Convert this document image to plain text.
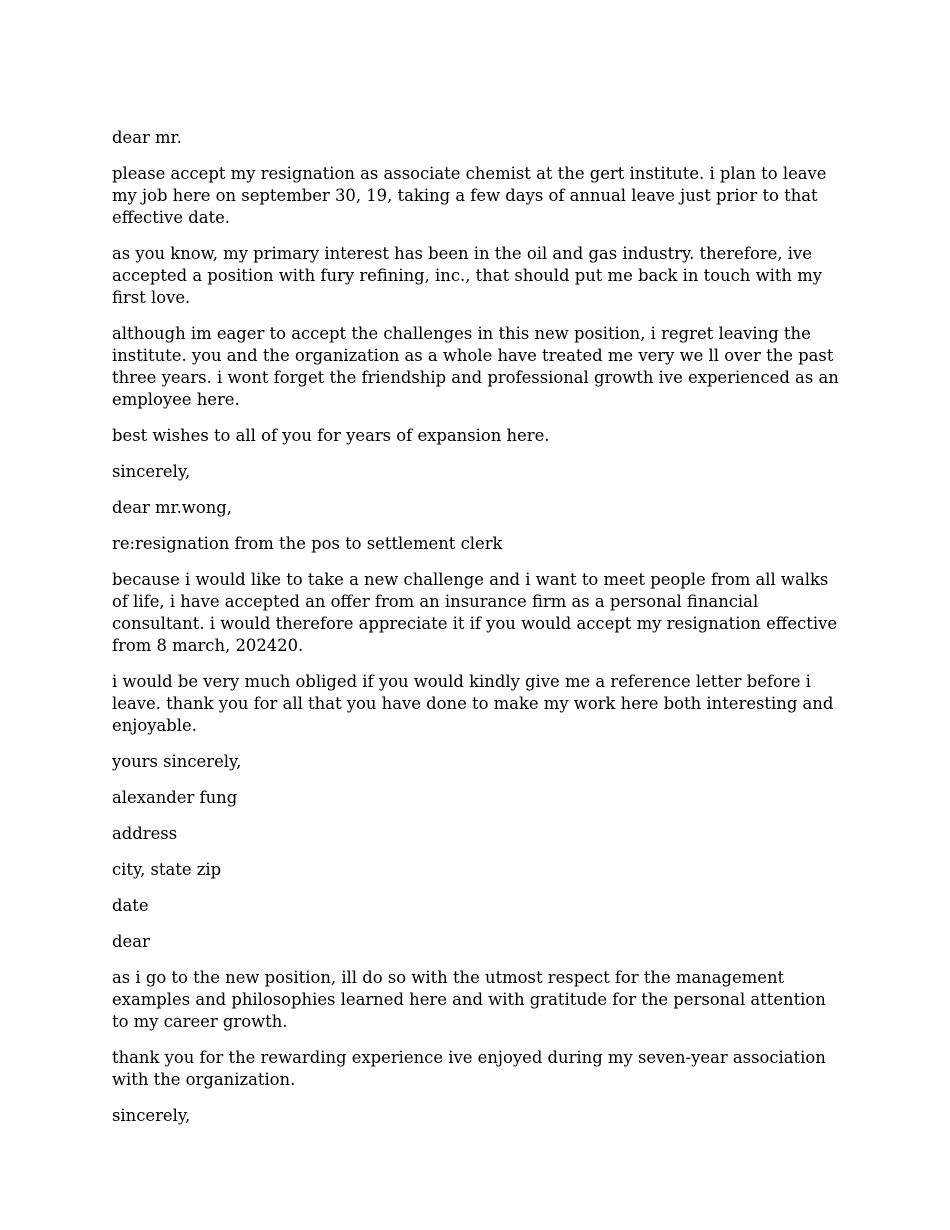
dear mr.

please accept my resignation as associate chemist at the gert institute. i plan to leave my job here on september 30, 19, taking a few days of annual leave just prior to that effective date.

as you know, my primary interest has been in the oil and gas industry. therefore, ive accepted a position with fury refining, inc., that should put me back in touch with my first love.

although im eager to accept the challenges in this new position, i regret leaving the institute. you and the organization as a whole have treated me very we ll over the past three years. i wont forget the friendship and professional growth ive experienced as an employee here.

best wishes to all of you for years of expansion here.

sincerely,

dear mr.wong,

re:resignation from the pos to settlement clerk

because i would like to take a new challenge and i want to meet people from all walks of life, i have accepted an offer from an insurance firm as a personal financial consultant. i would therefore appreciate it if you would accept my resignation effective from 8 march, 202420.

i would be very much obliged if you would kindly give me a reference letter before i leave. thank you for all that you have done to make my work here both interesting and enjoyable.

yours sincerely,

alexander fung

address

city, state zip

date

dear

as i go to the new position, ill do so with the utmost respect for the management examples and philosophies learned here and with gratitude for the personal attention to my career growth.

thank you for the rewarding experience ive enjoyed during my seven-year association with the organization.

sincerely,
